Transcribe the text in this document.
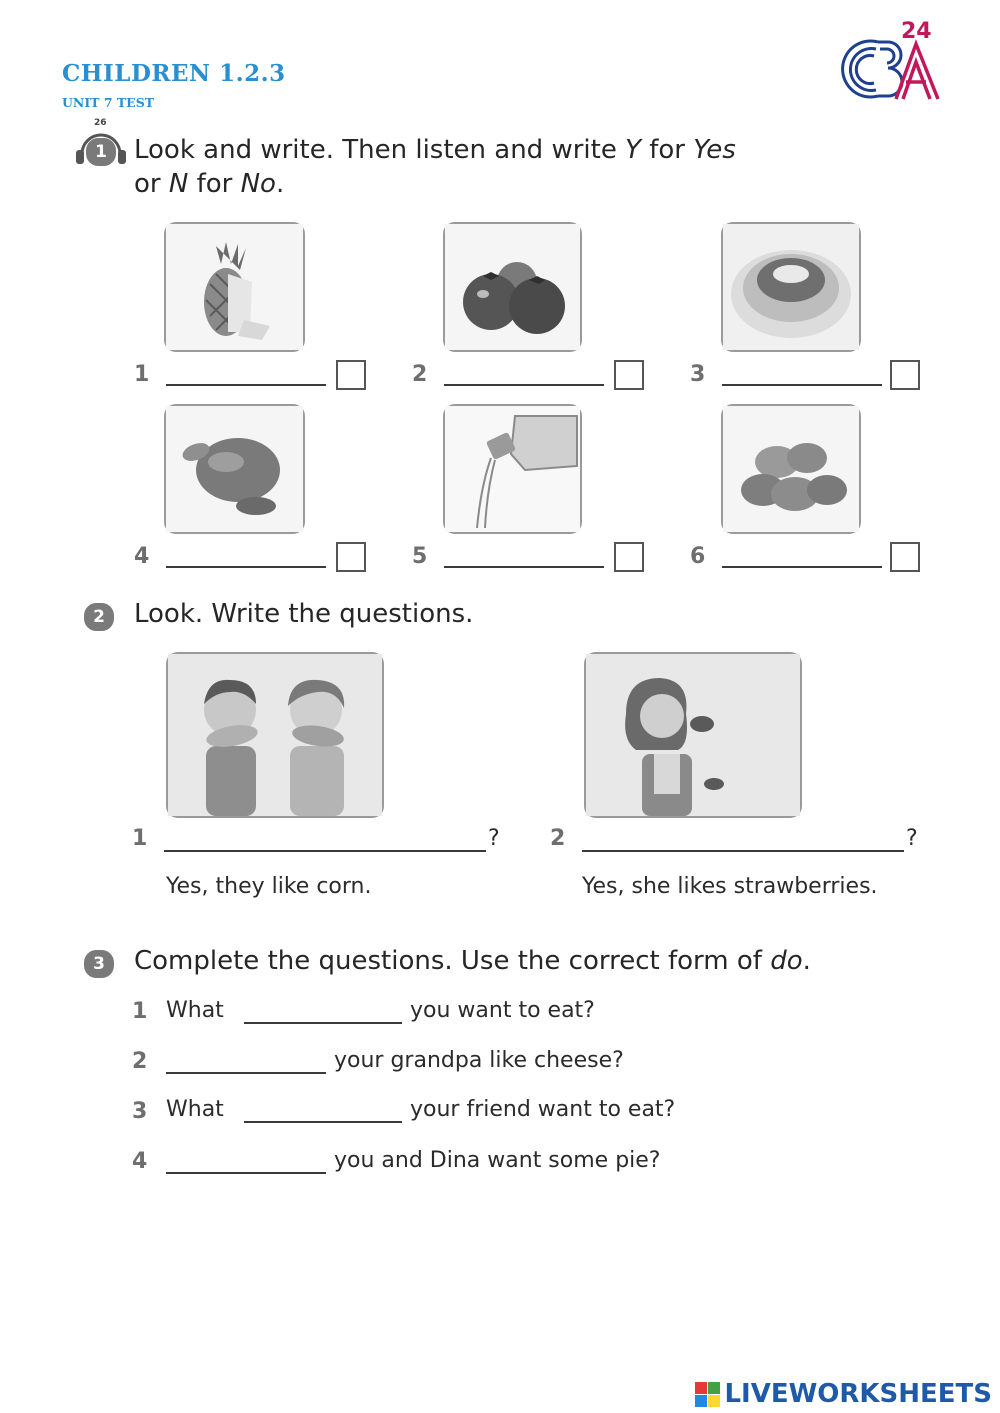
CHILDREN 1.2.3
UNIT 7 TEST
24
CBA
26
1	Look and write. Then listen and write Y for Yes
or N for No.
1	2	3
4	5	6
2	Look. Write the questions.
1	?
Yes, they like corn.
2	?
Yes, she likes strawberries.
3	Complete the questions. Use the correct form of do.
1 What	you want to eat?
2	your grandpa like cheese?
3 What	your friend want to eat?
4	you and Dina want some pie?
LIVEWORKSHEETS
